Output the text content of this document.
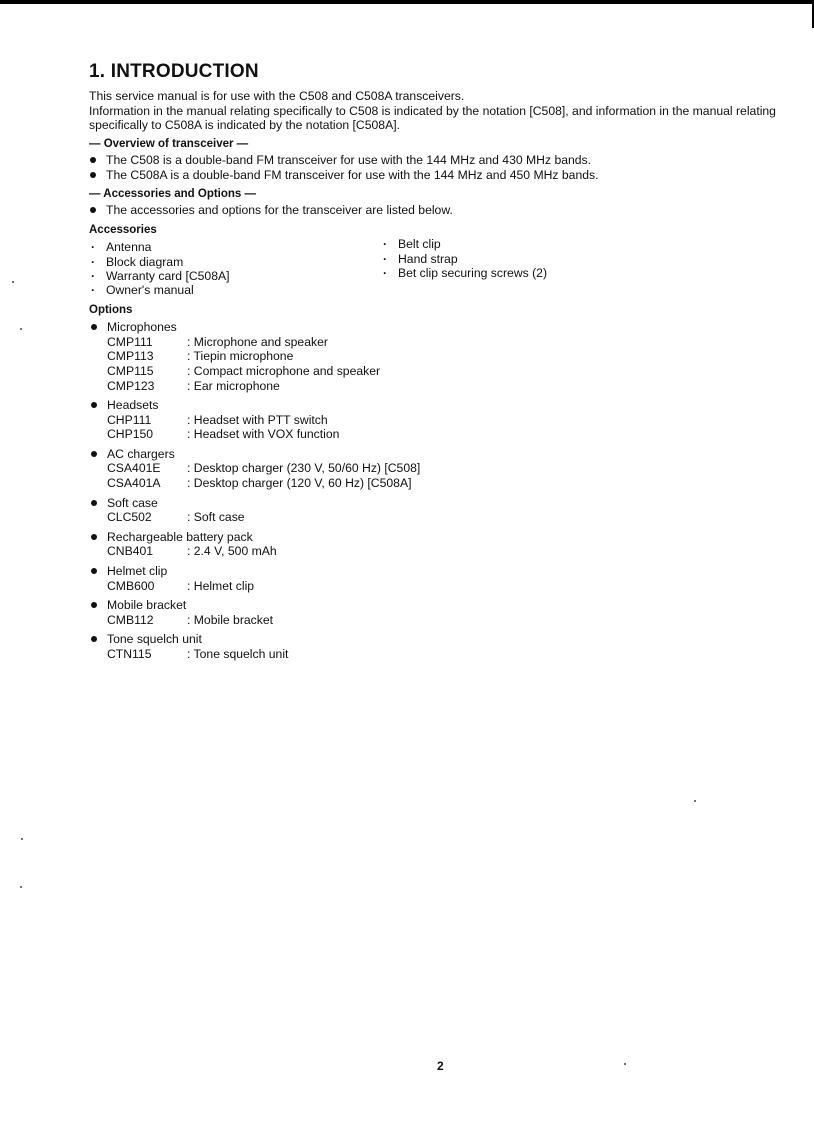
1. INTRODUCTION

This service manual is for use with the C508 and C508A transceivers.

Information in the manual relating specifically to C508 is indicated by the notation [C508], and information in the manual relating specifically to C508A is indicated by the notation [C508A].

— Overview of transceiver —
The C508 is a double-band FM transceiver for use with the 144 MHz and 430 MHz bands.
The C508A is a double-band FM transceiver for use with the 144 MHz and 450 MHz bands.
— Accessories and Options —
The accessories and options for the transceiver are listed below.
Accessories
· Antenna
· Block diagram
· Warranty card [C508A]
· Owner's manual
· Belt clip
· Hand strap
· Bet clip securing screws (2)
Options
Microphones
CMP111	: Microphone and speaker
CMP113	: Tiepin microphone
CMP115	: Compact microphone and speaker
CMP123	: Ear microphone
Headsets
CHP111	: Headset with PTT switch
CHP150	: Headset with VOX function
AC chargers
CSA401E	: Desktop charger (230 V, 50/60 Hz) [C508]
CSA401A	: Desktop charger (120 V, 60 Hz) [C508A]
Soft case
CLC502	: Soft case
Rechargeable battery pack
CNB401	: 2.4 V, 500 mAh
Helmet clip
CMB600	: Helmet clip
Mobile bracket
CMB112	: Mobile bracket
Tone squelch unit
CTN115	: Tone squelch unit
2
